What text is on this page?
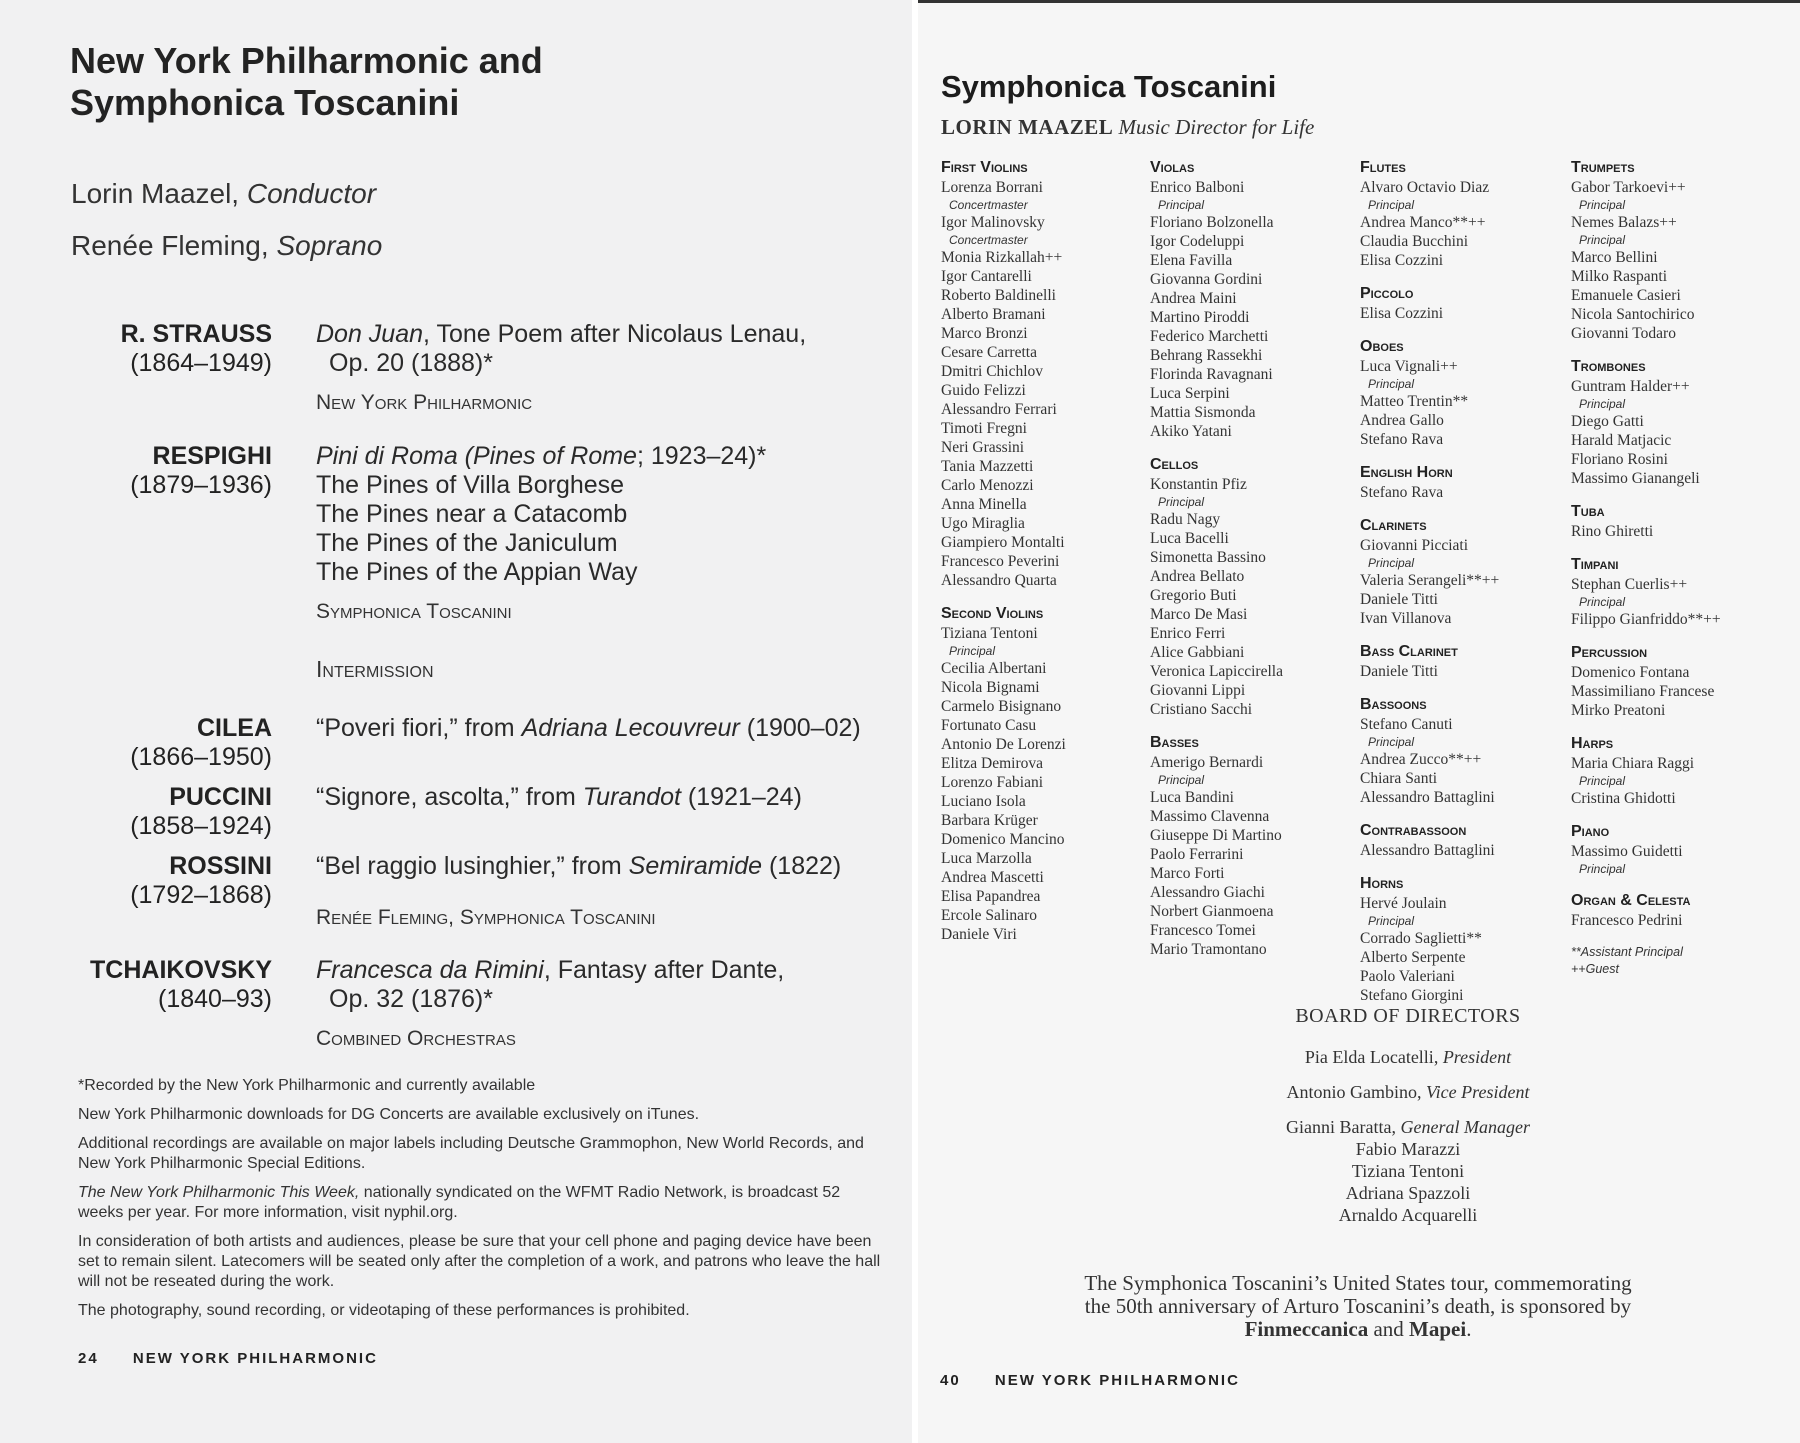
New York Philharmonic and
Symphonica Toscanini
Lorin Maazel, Conductor
Renée Fleming, Soprano
R. STRAUSS
(1864–1949)
Don Juan, Tone Poem after Nicolaus Lenau,
Op. 20 (1888)*
New York Philharmonic
RESPIGHI
(1879–1936)
Pini di Roma (Pines of Rome; 1923–24)*
The Pines of Villa Borghese
The Pines near a Catacomb
The Pines of the Janiculum
The Pines of the Appian Way
Symphonica Toscanini
Intermission
CILEA
(1866–1950)
“Poveri fiori,” from Adriana Lecouvreur (1900–02)
PUCCINI
(1858–1924)
“Signore, ascolta,” from Turandot (1921–24)
ROSSINI
(1792–1868)
“Bel raggio lusinghier,” from Semiramide (1822)
Renée Fleming, Symphonica Toscanini
TCHAIKOVSKY
(1840–93)
Francesca da Rimini, Fantasy after Dante,
Op. 32 (1876)*
Combined Orchestras

*Recorded by the New York Philharmonic and currently available

New York Philharmonic downloads for DG Concerts are available exclusively on iTunes.

Additional recordings are available on major labels including Deutsche Grammophon, New World Records, and New York Philharmonic Special Editions.

The New York Philharmonic This Week, nationally syndicated on the WFMT Radio Network, is broadcast 52 weeks per year. For more information, visit nyphil.org.

In consideration of both artists and audiences, please be sure that your cell phone and paging device have been set to remain silent. Latecomers will be seated only after the completion of a work, and patrons who leave the hall will not be reseated during the work.

The photography, sound recording, or videotaping of these performances is prohibited.

24 NEW YORK PHILHARMONIC
Symphonica Toscanini
LORIN MAAZEL Music Director for Life
First Violins
Lorenza Borrani
Concertmaster
Igor Malinovsky
Concertmaster
Monia Rizkallah++
Igor Cantarelli
Roberto Baldinelli
Alberto Bramani
Marco Bronzi
Cesare Carretta
Dmitri Chichlov
Guido Felizzi
Alessandro Ferrari
Timoti Fregni
Neri Grassini
Tania Mazzetti
Carlo Menozzi
Anna Minella
Ugo Miraglia
Giampiero Montalti
Francesco Peverini
Alessandro Quarta
Second Violins
Tiziana Tentoni
Principal
Cecilia Albertani
Nicola Bignami
Carmelo Bisignano
Fortunato Casu
Antonio De Lorenzi
Elitza Demirova
Lorenzo Fabiani
Luciano Isola
Barbara Krüger
Domenico Mancino
Luca Marzolla
Andrea Mascetti
Elisa Papandrea
Ercole Salinaro
Daniele Viri
Violas
Enrico Balboni
Principal
Floriano Bolzonella
Igor Codeluppi
Elena Favilla
Giovanna Gordini
Andrea Maini
Martino Piroddi
Federico Marchetti
Behrang Rassekhi
Florinda Ravagnani
Luca Serpini
Mattia Sismonda
Akiko Yatani
Cellos
Konstantin Pfiz
Principal
Radu Nagy
Luca Bacelli
Simonetta Bassino
Andrea Bellato
Gregorio Buti
Marco De Masi
Enrico Ferri
Alice Gabbiani
Veronica Lapiccirella
Giovanni Lippi
Cristiano Sacchi
Basses
Amerigo Bernardi
Principal
Luca Bandini
Massimo Clavenna
Giuseppe Di Martino
Paolo Ferrarini
Marco Forti
Alessandro Giachi
Norbert Gianmoena
Francesco Tomei
Mario Tramontano
Flutes
Alvaro Octavio Diaz
Principal
Andrea Manco**++
Claudia Bucchini
Elisa Cozzini
Piccolo
Elisa Cozzini
Oboes
Luca Vignali++
Principal
Matteo Trentin**
Andrea Gallo
Stefano Rava
English Horn
Stefano Rava
Clarinets
Giovanni Picciati
Principal
Valeria Serangeli**++
Daniele Titti
Ivan Villanova
Bass Clarinet
Daniele Titti
Bassoons
Stefano Canuti
Principal
Andrea Zucco**++
Chiara Santi
Alessandro Battaglini
Contrabassoon
Alessandro Battaglini
Horns
Hervé Joulain
Principal
Corrado Saglietti**
Alberto Serpente
Paolo Valeriani
Stefano Giorgini
Trumpets
Gabor Tarkoevi++
Principal
Nemes Balazs++
Principal
Marco Bellini
Milko Raspanti
Emanuele Casieri
Nicola Santochirico
Giovanni Todaro
Trombones
Guntram Halder++
Principal
Diego Gatti
Harald Matjacic
Floriano Rosini
Massimo Gianangeli
Tuba
Rino Ghiretti
Timpani
Stephan Cuerlis++
Principal
Filippo Gianfriddo**++
Percussion
Domenico Fontana
Massimiliano Francese
Mirko Preatoni
Harps
Maria Chiara Raggi
Principal
Cristina Ghidotti
Piano
Massimo Guidetti
Principal
Organ & Celesta
Francesco Pedrini
**Assistant Principal
++Guest
BOARD OF DIRECTORS
Pia Elda Locatelli, President
Antonio Gambino, Vice President
Gianni Baratta, General Manager
Fabio Marazzi
Tiziana Tentoni
Adriana Spazzoli
Arnaldo Acquarelli
The Symphonica Toscanini’s United States tour, commemorating
the 50th anniversary of Arturo Toscanini’s death, is sponsored by
Finmeccanica and Mapei.
40 NEW YORK PHILHARMONIC
